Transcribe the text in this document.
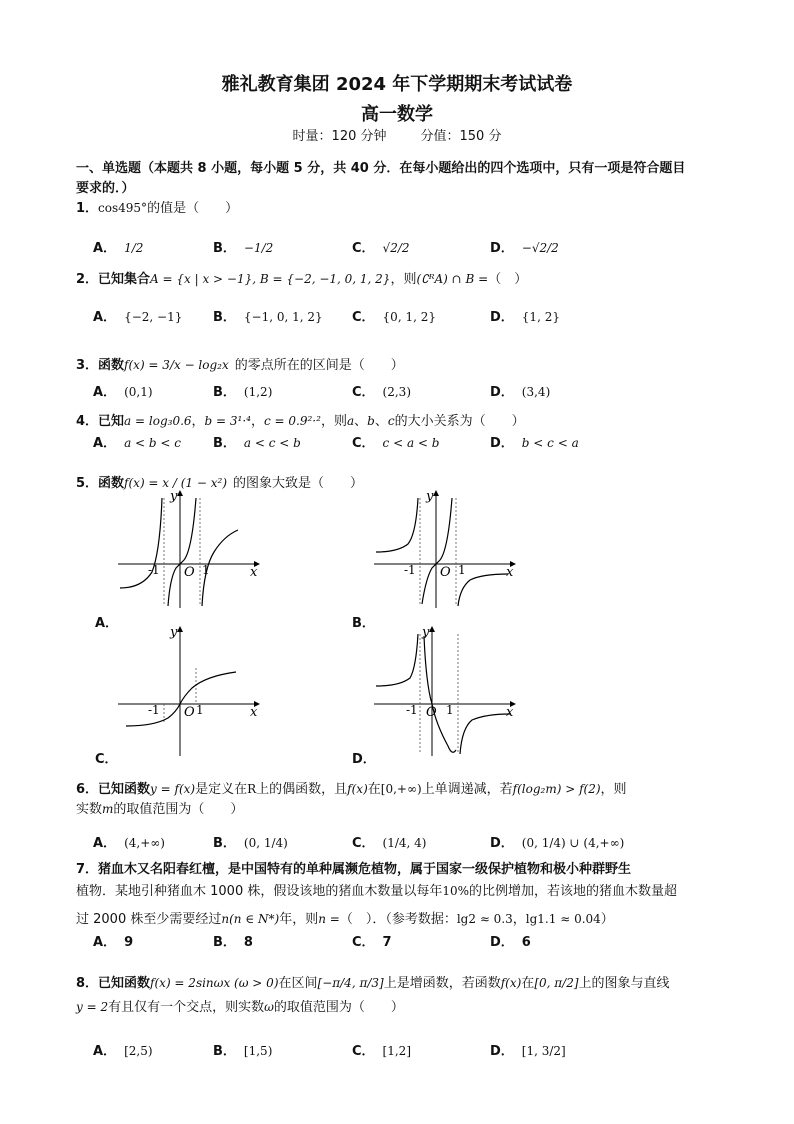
雅礼教育集团 2024 年下学期期末考试试卷
高一数学
时量：120 分钟	分值：150 分
一、单选题（本题共 8 小题，每小题 5 分，共 40 分．在每小题给出的四个选项中，只有一项是符合题目
要求的．）
1．cos495°的值是（　　）
A． 1/2	B． −1/2	C． √2/2	D． −√2/2
2．已知集合A = {x | x > −1}, B = {−2, −1, 0, 1, 2}，则(∁ᴿA) ∩ B =（　）
A． {−2, −1} B． {−1, 0, 1, 2} C． {0, 1, 2}	D． {1, 2}
3．函数f(x) = 3/x − log₂x 的零点所在的区间是（　　）
A． (0,1)	B． (1,2)	C． (2,3)	D． (3,4)
4．已知a = log₃0.6，b = 3¹·⁴，c = 0.9²·²，则a、b、c的大小关系为（　　）
A． a < b < c B． a < c < b	C． c < a < b	D． b < c < a
5．函数f(x) = x / (1 − x²) 的图象大致是（　　）
-1 O 1	x
y
A．
-1 O 1	x
y
B．
-1 O 1	x
y
C．
-1 O 1	x
y
D．
6．已知函数y = f(x)是定义在R上的偶函数，且f(x)在[0,+∞)上单调递减，若f(log₂m) > f(2)，则
实数m的取值范围为（　　）
A． (4,+∞)	B． (0, 1/4)	C． (1/4, 4)	D． (0, 1/4) ∪ (4,+∞)
7．猪血木又名阳春红檀，是中国特有的单种属濒危植物，属于国家一级保护植物和极小种群野生
植物．某地引种猪血木 1000 株，假设该地的猪血木数量以每年10%的比例增加，若该地的猪血木数量超
过 2000 株至少需要经过n(n ∈ N*)年，则n =（　）．（参考数据：lg2 ≈ 0.3，lg1.1 ≈ 0.04）
A． 9	B． 8	C． 7	D． 6
8．已知函数f(x) = 2sinωx (ω > 0)在区间[−π/4, π/3]上是增函数，若函数f(x)在[0, π/2]上的图象与直线
y = 2有且仅有一个交点，则实数ω的取值范围为（　　）
A． [2,5)	B． [1,5)	C． [1,2]	D． [1, 3/2]
